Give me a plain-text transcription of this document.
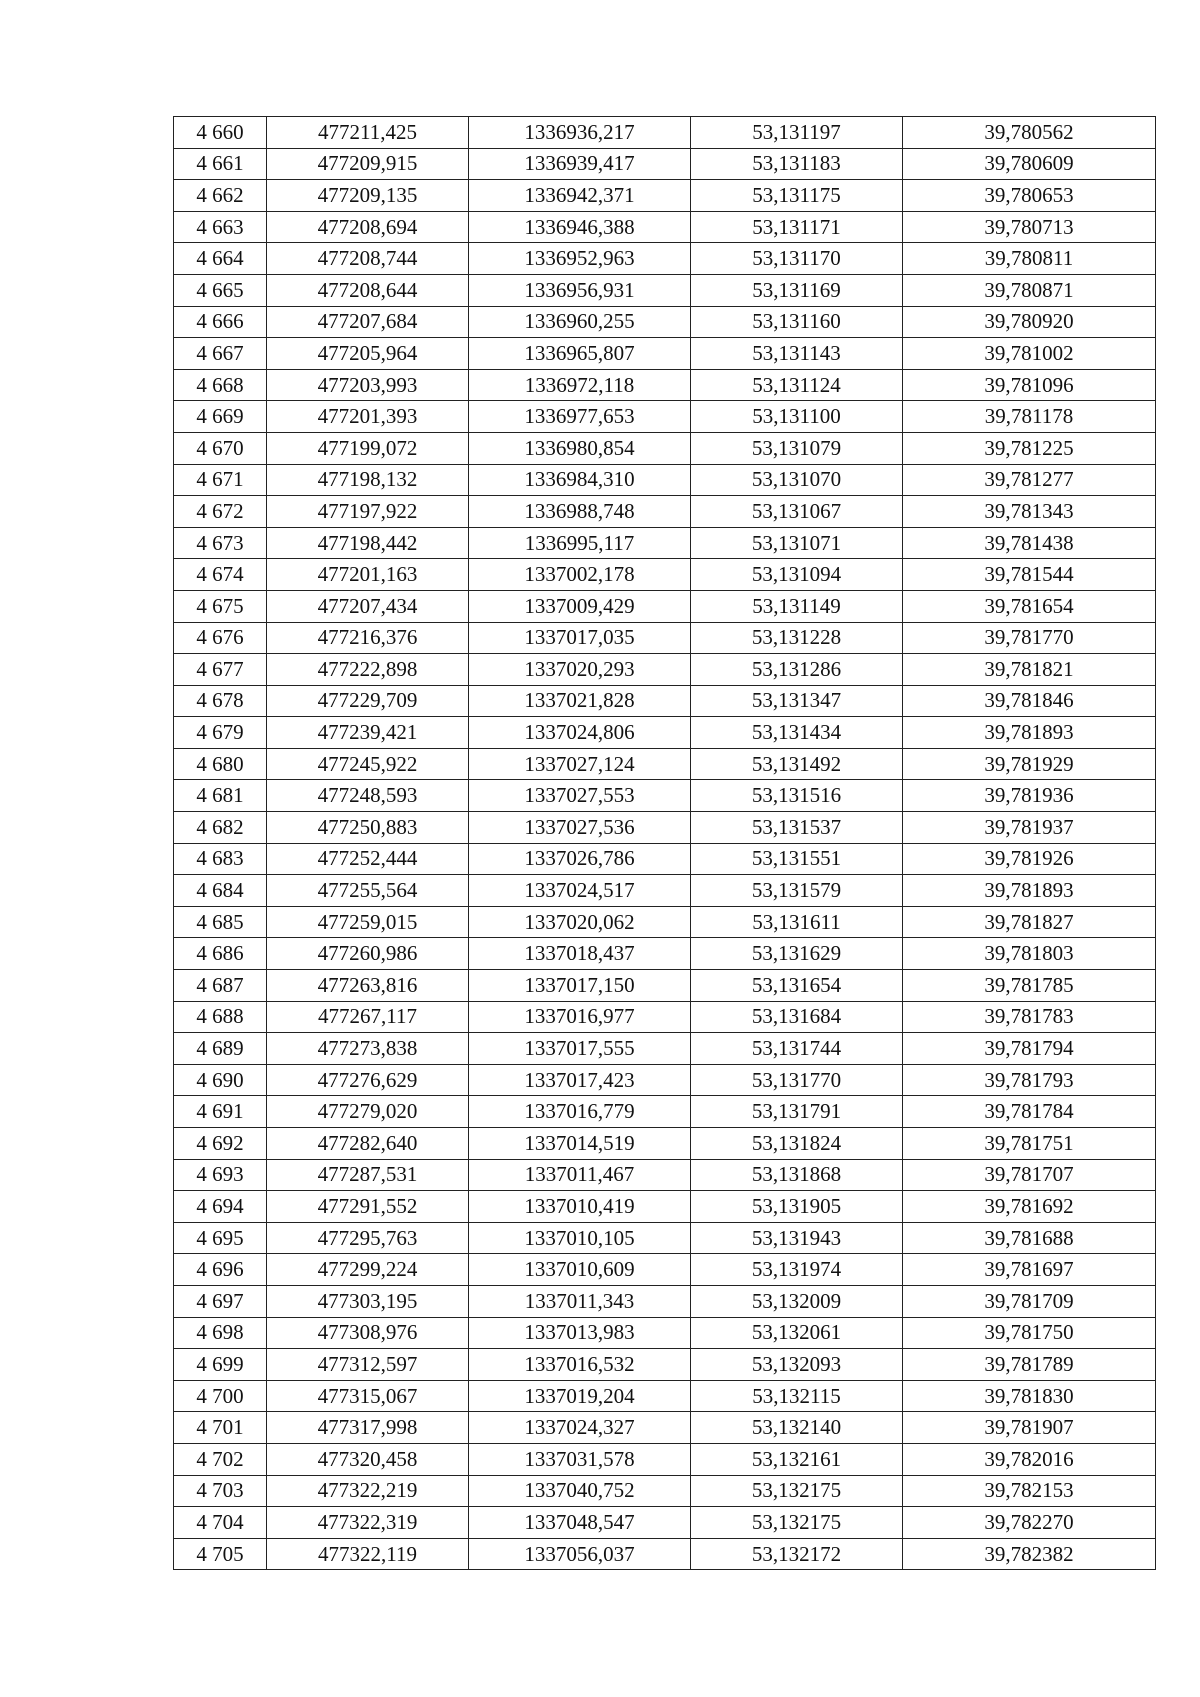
4 660	477211,425	1336936,217	53,131197	39,780562
4 661	477209,915	1336939,417	53,131183	39,780609
4 662	477209,135	1336942,371	53,131175	39,780653
4 663	477208,694	1336946,388	53,131171	39,780713
4 664	477208,744	1336952,963	53,131170	39,780811
4 665	477208,644	1336956,931	53,131169	39,780871
4 666	477207,684	1336960,255	53,131160	39,780920
4 667	477205,964	1336965,807	53,131143	39,781002
4 668	477203,993	1336972,118	53,131124	39,781096
4 669	477201,393	1336977,653	53,131100	39,781178
4 670	477199,072	1336980,854	53,131079	39,781225
4 671	477198,132	1336984,310	53,131070	39,781277
4 672	477197,922	1336988,748	53,131067	39,781343
4 673	477198,442	1336995,117	53,131071	39,781438
4 674	477201,163	1337002,178	53,131094	39,781544
4 675	477207,434	1337009,429	53,131149	39,781654
4 676	477216,376	1337017,035	53,131228	39,781770
4 677	477222,898	1337020,293	53,131286	39,781821
4 678	477229,709	1337021,828	53,131347	39,781846
4 679	477239,421	1337024,806	53,131434	39,781893
4 680	477245,922	1337027,124	53,131492	39,781929
4 681	477248,593	1337027,553	53,131516	39,781936
4 682	477250,883	1337027,536	53,131537	39,781937
4 683	477252,444	1337026,786	53,131551	39,781926
4 684	477255,564	1337024,517	53,131579	39,781893
4 685	477259,015	1337020,062	53,131611	39,781827
4 686	477260,986	1337018,437	53,131629	39,781803
4 687	477263,816	1337017,150	53,131654	39,781785
4 688	477267,117	1337016,977	53,131684	39,781783
4 689	477273,838	1337017,555	53,131744	39,781794
4 690	477276,629	1337017,423	53,131770	39,781793
4 691	477279,020	1337016,779	53,131791	39,781784
4 692	477282,640	1337014,519	53,131824	39,781751
4 693	477287,531	1337011,467	53,131868	39,781707
4 694	477291,552	1337010,419	53,131905	39,781692
4 695	477295,763	1337010,105	53,131943	39,781688
4 696	477299,224	1337010,609	53,131974	39,781697
4 697	477303,195	1337011,343	53,132009	39,781709
4 698	477308,976	1337013,983	53,132061	39,781750
4 699	477312,597	1337016,532	53,132093	39,781789
4 700	477315,067	1337019,204	53,132115	39,781830
4 701	477317,998	1337024,327	53,132140	39,781907
4 702	477320,458	1337031,578	53,132161	39,782016
4 703	477322,219	1337040,752	53,132175	39,782153
4 704	477322,319	1337048,547	53,132175	39,782270
4 705	477322,119	1337056,037	53,132172	39,782382
